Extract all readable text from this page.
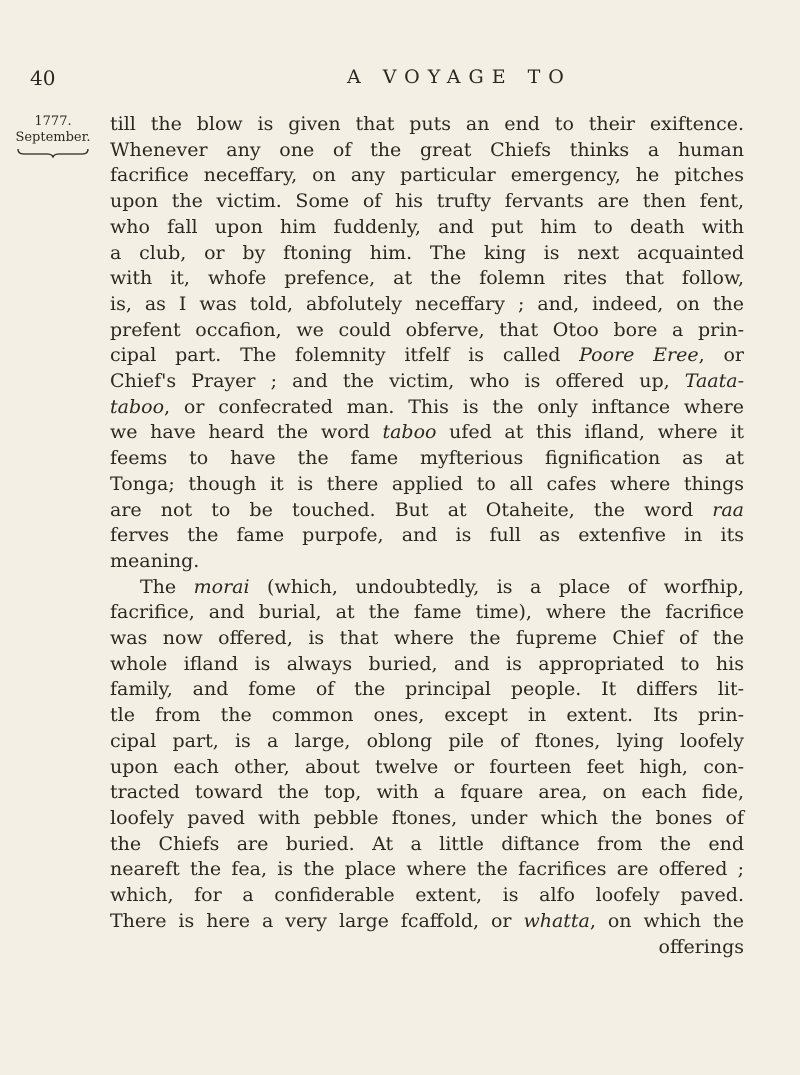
40	A VOYAGE TO
1777.
September.
till the blow is given that puts an end to their exiftence.
Whenever any one of the great Chiefs thinks a human
facrifice neceffary, on any particular emergency, he pitches
upon the victim. Some of his trufty fervants are then fent,
who fall upon him fuddenly, and put him to death with
a club, or by ftoning him. The king is next acquainted
with it, whofe prefence, at the folemn rites that follow,
is, as I was told, abfolutely neceffary ; and, indeed, on the
prefent occafion, we could obferve, that Otoo bore a prin-
cipal part. The folemnity itfelf is called Poore Eree, or
Chief's Prayer ; and the victim, who is offered up, Taata-
taboo, or confecrated man. This is the only inftance where
we have heard the word taboo ufed at this ifland, where it
feems to have the fame myfterious fignification as at
Tonga; though it is there applied to all cafes where things
are not to be touched. But at Otaheite, the word raa
ferves the fame purpofe, and is full as extenfive in its
meaning.
The morai (which, undoubtedly, is a place of worfhip,
facrifice, and burial, at the fame time), where the facrifice
was now offered, is that where the fupreme Chief of the
whole ifland is always buried, and is appropriated to his
family, and fome of the principal people. It differs lit-
tle from the common ones, except in extent. Its prin-
cipal part, is a large, oblong pile of ftones, lying loofely
upon each other, about twelve or fourteen feet high, con-
tracted toward the top, with a fquare area, on each fide,
loofely paved with pebble ftones, under which the bones of
the Chiefs are buried. At a little diftance from the end
neareft the fea, is the place where the facrifices are offered ;
which, for a confiderable extent, is alfo loofely paved.
There is here a very large fcaffold, or whatta, on which the
offerings
